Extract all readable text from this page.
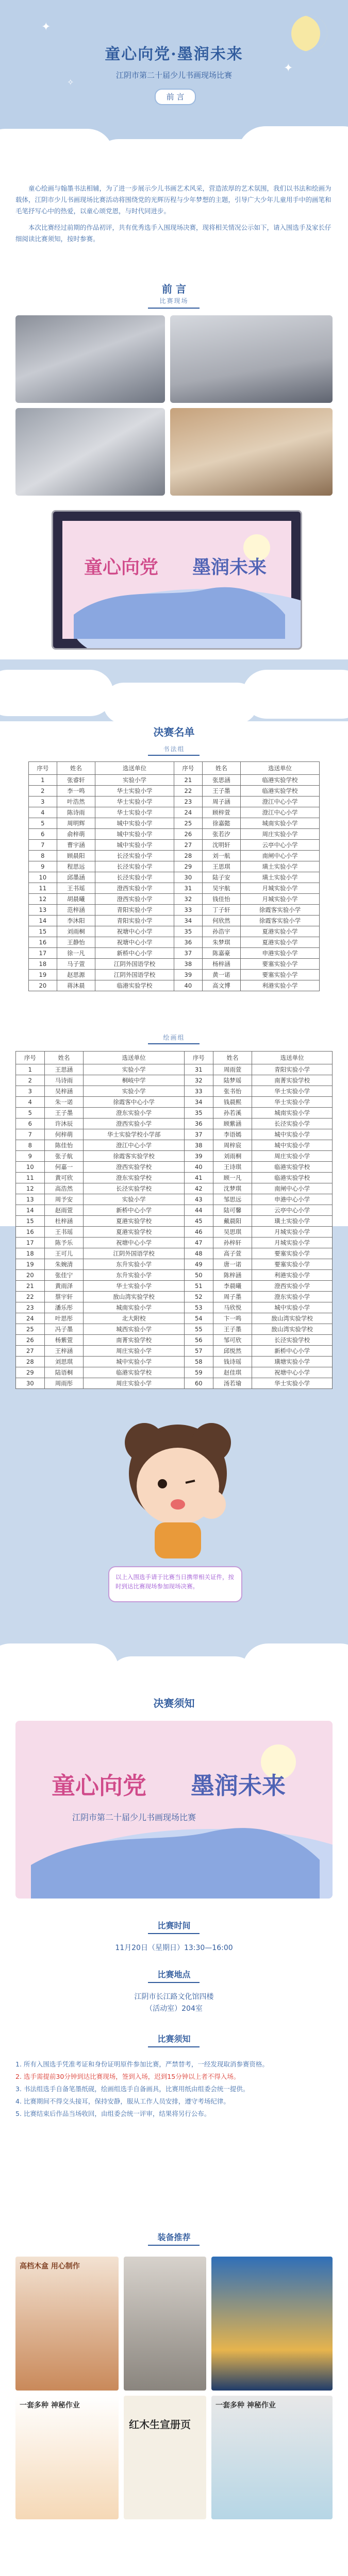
✦
✦
✧
童心向党·墨润未来
江阴市第二十届少儿书画现场比赛
前 言

童心绘画与翰墨书法相辅，为了进一步展示少儿书画艺术风采，营造浓厚的艺术氛围，我们以书法和绘画为载体，江阴市少儿书画现场比赛活动将围绕党的光辉历程与少年梦想的主题，引导广大少年儿童用手中的画笔和毛笔抒写心中的热爱，以童心颂党恩，与时代同进步。

本次比赛经过前期的作品初评，共有优秀选手入围现场决赛，现将相关情况公示如下，请入围选手及家长仔细阅读比赛须知，按时参赛。

前 言
比赛现场
童心向党 墨润未来
决赛名单
书法组
序号	姓名	选送单位	序号	姓名	选送单位
1	张睿轩	实验小学	21	张思涵	临港实验学校
2	李一鸣	华士实验小学	22	王子墨	临港实验学校
3	叶浩然	华士实验小学	23	周子涵	澄江中心小学
4	陈诗雨	华士实验小学	24	顾梓萱	澄江中心小学
5	周明辉	城中实验小学	25	徐嘉懿	城南实验小学
6	俞梓萌	城中实验小学	26	张若汐	周庄实验小学
7	曹宇涵	城中实验小学	27	沈明轩	云亭中心小学
8	顾晨阳	长泾实验小学	28	刘一航	南闸中心小学
9	程思远	长泾实验小学	29	王思琪	璜土实验小学
10	邱墨涵	长泾实验小学	30	陆子安	璜土实验小学
11	王书瑶	澄西实验小学	31	吴宇航	月城实验小学
12	胡晨曦	澄西实验小学	32	钱佳怡	月城实验小学
13	范梓涵	青阳实验小学	33	丁子轩	徐霞客实验小学
14	李沐阳	青阳实验小学	34	何欣然	徐霞客实验小学
15	刘雨桐	祝塘中心小学	35	孙浩宇	夏港实验小学
16	王静怡	祝塘中心小学	36	朱梦琪	夏港实验小学
17	徐一凡	新桥中心小学	37	陈嘉豪	申港实验小学
18	马子萱	江阴外国语学校	38	杨梓涵	要塞实验小学
19	赵思源	江阴外国语学校	39	黄一诺	要塞实验小学
20	蒋沐晨	临港实验学校	40	高文博	利港实验小学
绘画组
序号	姓名	选送单位	序号	姓名	选送单位
1	王思涵	实验小学	31	周雨萱	青阳实验小学
2	马诗雨	桐岐中学	32	陆梦瑶	南菁实验学校
3	吴梓涵	实验小学	33	张书怡	华士实验小学
4	朱一诺	徐霞客中心小学	34	钱晨熙	华士实验小学
5	王子墨	澄东实验小学	35	孙若溪	城南实验小学
6	许沐辰	澄西实验小学	36	顾紫涵	长泾实验小学
7	何梓萌	华士实验学校小学部	37	李语嫣	城中实验小学
8	陈佳怡	澄江中心小学	38	周梓宸	城中实验小学
9	张子航	徐霞客实验学校	39	刘雨桐	周庄实验小学
10	何嘉一	澄西实验学校	40	王诗琪	临港实验学校
11	黄可欣	澄东实验学校	41	顾一凡	临港实验学校
12	高浩然	长泾实验学校	42	沈梦琪	南闸中心小学
13	周予安	实验小学	43	邹思远	申港中心小学
14	赵雨萱	新桥中心小学	44	陆可馨	云亭中心小学
15	杜梓涵	夏港实验学校	45	戴晨阳	璜土实验小学
16	王书瑶	夏港实验学校	46	吴思琪	月城实验小学
17	陈予乐	祝塘中心小学	47	孙梓轩	月城实验小学
18	王可儿	江阴外国语学校	48	高子萱	要塞实验小学
19	朱婉清	东升实验小学	49	唐一诺	要塞实验小学
20	张佳宁	东升实验小学	50	陈梓涵	利港实验小学
21	黄雨泽	华士实验小学	51	李晨曦	澄西实验小学
22	蔡宇轩	敔山湾实验学校	52	周子墨	澄东实验小学
23	潘乐彤	城南实验小学	53	马欣悦	城中实验小学
24	叶思彤	北大附校	54	卞一鸣	敔山湾实验学校
25	冯子墨	城西实验小学	55	王子墨	敔山湾实验学校
26	杨紫萱	南菁实验学校	56	邹可欣	长泾实验学校
27	王梓涵	周庄实验小学	57	邱悦然	新桥中心小学
28	刘思琪	城中实验小学	58	钱诗瑶	璜塘实验小学
29	陆语桐	临港实验学校	59	赵佳琪	祝塘中心小学
30	周雨彤	周庄实验小学	60	汤若瑜	华士实验小学
以上入围选手请于比赛当日携带相关证件，按时到达比赛现场参加现场决赛。
决赛须知
童心向党 墨润未来
江阴市第二十届少儿书画现场比赛
比赛时间
11月20日（星期日）13:30—16:00
比赛地点
江阴市长江路文化馆四楼
（活动室）204室
比赛须知
1. 所有入围选手凭准考证和身份证明原件参加比赛，严禁替考，一经发现取消参赛资格。
2. 选手需提前30分钟到达比赛现场，签到入场，迟到15分钟以上者不得入场。
3. 书法组选手自备笔墨纸砚，绘画组选手自备画具，比赛用纸由组委会统一提供。
4. 比赛期间不得交头接耳，保持安静，服从工作人员安排，遵守考场纪律。
5. 比赛结束后作品当场收回，由组委会统一评审，结果将另行公布。
装备推荐
高档木盒 用心制作
一套多种 神秘作业
红木生宣册页
一套多种 神秘作业
